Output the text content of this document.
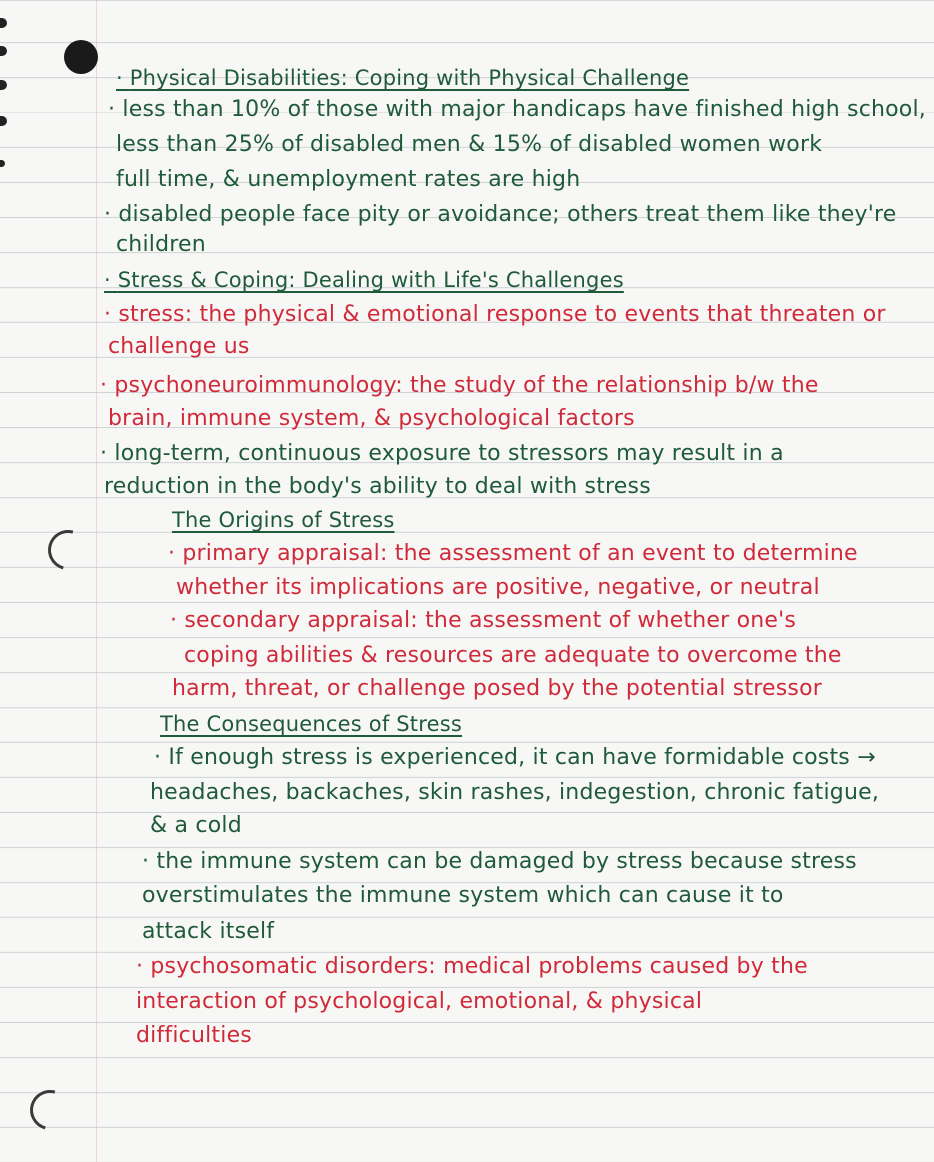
· Physical Disabilities: Coping with Physical Challenge
· less than 10% of those with major handicaps have finished high school,
less than 25% of disabled men & 15% of disabled women work
full time, & unemployment rates are high
· disabled people face pity or avoidance; others treat them like they're
children
· Stress & Coping: Dealing with Life's Challenges
· stress: the physical & emotional response to events that threaten or
challenge us
· psychoneuroimmunology: the study of the relationship b/w the
brain, immune system, & psychological factors
· long-term, continuous exposure to stressors may result in a
reduction in the body's ability to deal with stress
The Origins of Stress
· primary appraisal: the assessment of an event to determine
whether its implications are positive, negative, or neutral
· secondary appraisal: the assessment of whether one's
coping abilities & resources are adequate to overcome the
harm, threat, or challenge posed by the potential stressor
The Consequences of Stress
· If enough stress is experienced, it can have formidable costs →
headaches, backaches, skin rashes, indegestion, chronic fatigue,
& a cold
· the immune system can be damaged by stress because stress
overstimulates the immune system which can cause it to
attack itself
· psychosomatic disorders: medical problems caused by the
interaction of psychological, emotional, & physical
difficulties
